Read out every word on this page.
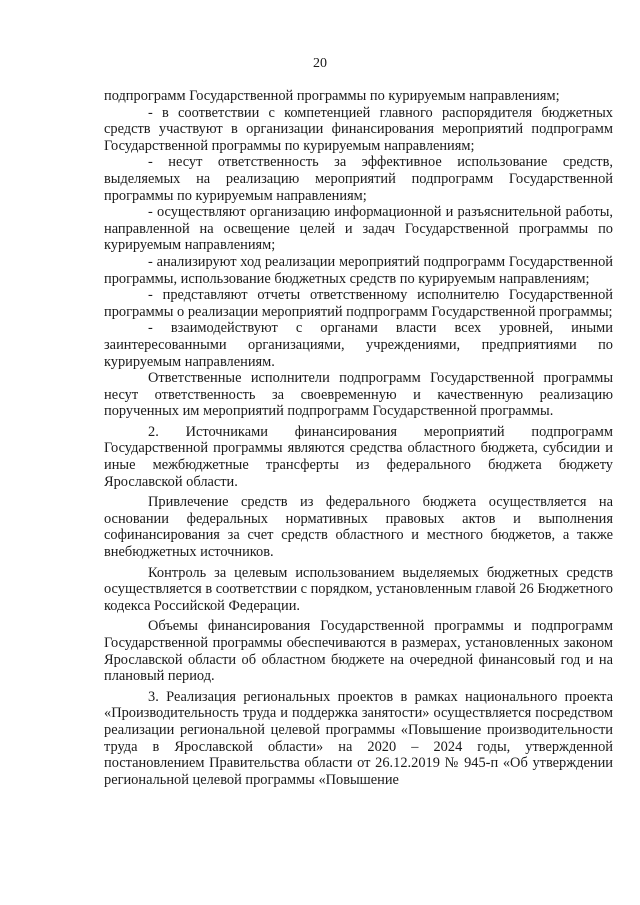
20

подпрограмм Государственной программы по курируемым направлениям;

- в соответствии с компетенцией главного распорядителя бюджетных средств участвуют в организации финансирования мероприятий подпрограмм Государственной программы по курируемым направлениям;

- несут ответственность за эффективное использование средств, выделяемых на реализацию мероприятий подпрограмм Государственной программы по курируемым направлениям;

- осуществляют организацию информационной и разъяснительной работы, направленной на освещение целей и задач Государственной программы по курируемым направлениям;

- анализируют ход реализации мероприятий подпрограмм Государственной программы, использование бюджетных средств по курируемым направлениям;

- представляют отчеты ответственному исполнителю Государственной программы о реализации мероприятий подпрограмм Государственной программы;

- взаимодействуют с органами власти всех уровней, иными заинтересованными организациями, учреждениями, предприятиями по курируемым направлениям.

Ответственные исполнители подпрограмм Государственной программы несут ответственность за своевременную и качественную реализацию порученных им мероприятий подпрограмм Государственной программы.

2. Источниками финансирования мероприятий подпрограмм Государственной программы являются средства областного бюджета, субсидии и иные межбюджетные трансферты из федерального бюджета бюджету Ярославской области.

Привлечение средств из федерального бюджета осуществляется на основании федеральных нормативных правовых актов и выполнения софинансирования за счет средств областного и местного бюджетов, а также внебюджетных источников.

Контроль за целевым использованием выделяемых бюджетных средств осуществляется в соответствии с порядком, установленным главой 26 Бюджетного кодекса Российской Федерации.

Объемы финансирования Государственной программы и подпрограмм Государственной программы обеспечиваются в размерах, установленных законом Ярославской области об областном бюджете на очередной финансовый год и на плановый период.

3. Реализация региональных проектов в рамках национального проекта «Производительность труда и поддержка занятости» осуществляется посредством реализации региональной целевой программы «Повышение производительности труда в Ярославской области» на 2020 – 2024 годы, утвержденной постановлением Правительства области от 26.12.2019 № 945-п «Об утверждении региональной целевой программы «Повышение
